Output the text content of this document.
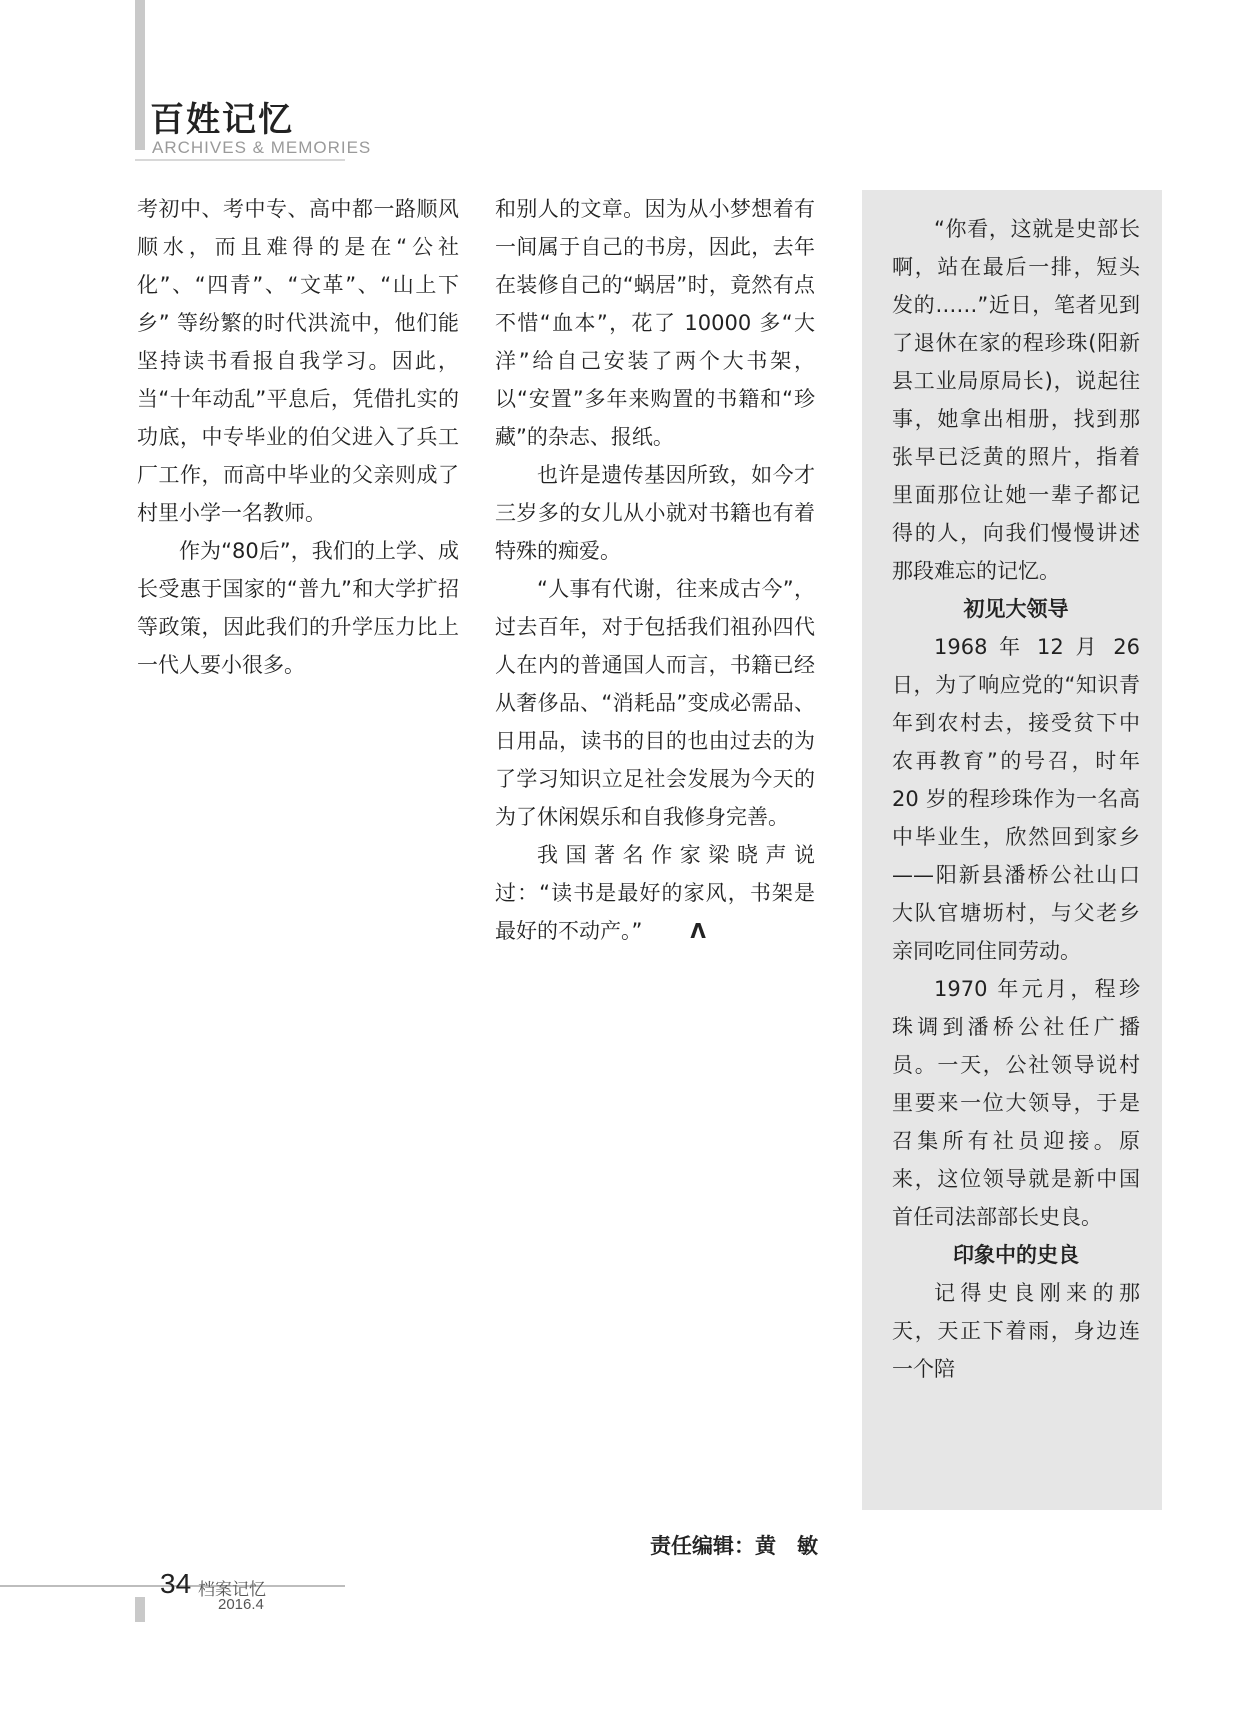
百姓记忆
ARCHIVES & MEMORIES

考初中、考中专、高中都一路顺风顺水，而且难得的是在“公社化”、“四青”、“文革”、“山上下乡” 等纷繁的时代洪流中，他们能坚持读书看报自我学习。因此，当“十年动乱”平息后，凭借扎实的功底，中专毕业的伯父进入了兵工厂工作，而高中毕业的父亲则成了村里小学一名教师。

作为“80后”，我们的上学、成长受惠于国家的“普九”和大学扩招等政策，因此我们的升学压力比上一代人要小很多。

和别人的文章。因为从小梦想着有一间属于自己的书房，因此，去年在装修自己的“蜗居”时，竟然有点不惜“血本”，花了 10000 多“大洋”给自己安装了两个大书架，以“安置”多年来购置的书籍和“珍藏”的杂志、报纸。

也许是遗传基因所致，如今才三岁多的女儿从小就对书籍也有着特殊的痴爱。

“人事有代谢，往来成古今”，过去百年，对于包括我们祖孙四代人在内的普通国人而言，书籍已经从奢侈品、“消耗品”变成必需品、日用品，读书的目的也由过去的为了学习知识立足社会发展为今天的为了休闲娱乐和自我修身完善。

我国著名作家梁晓声说过：“读书是最好的家风，书架是最好的不动产。” Λ

“你看，这就是史部长啊，站在最后一排，短头发的……”近日，笔者见到了退休在家的程珍珠(阳新县工业局原局长)，说起往事，她拿出相册，找到那张早已泛黄的照片，指着里面那位让她一辈子都记得的人，向我们慢慢讲述那段难忘的记忆。

初见大领导

1968 年 12 月 26 日，为了响应党的“知识青年到农村去，接受贫下中农再教育”的号召，时年 20 岁的程珍珠作为一名高中毕业生，欣然回到家乡——阳新县潘桥公社山口大队官塘坜村，与父老乡亲同吃同住同劳动。

1970 年元月，程珍珠调到潘桥公社任广播员。一天，公社领导说村里要来一位大领导，于是召集所有社员迎接。原来，这位领导就是新中国首任司法部部长史良。

印象中的史良

记得史良刚来的那天，天正下着雨，身边连一个陪

责任编辑：黄　敏
34 档案记忆
2016.4
